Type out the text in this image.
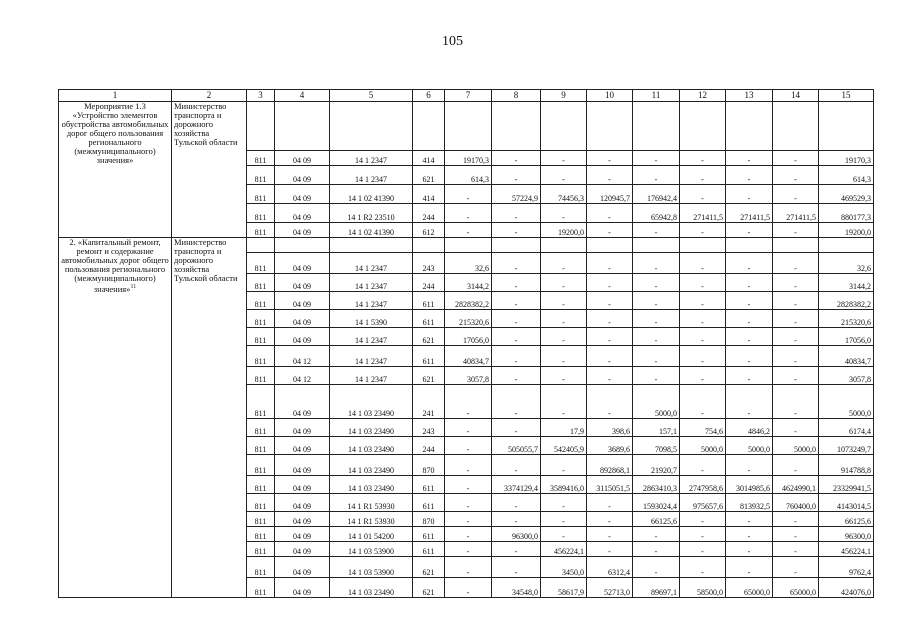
105
1	2	3	4	5	6	7	8	9	10	11	12	13	14	15
Мероприятие 1.3 «Устройство элементов обустройства автомобильных дорог общего пользования регионального (межмуниципального) значения»	Министерство транспорта и дорожного хозяйства Тульской области													
		811	04 09	14 1 2347	414	19170,3	-	-	-	-	-	-	-	19170,3
		811	04 09	14 1 2347	621	614,3	-	-	-	-	-	-	-	614,3
		811	04 09	14 1 02 41390	414	-	57224,9	74456,3	120945,7	176942,4	-	-	-	469529,3
		811	04 09	14 1 R2 23510	244	-	-	-	-	65942,8	271411,5	271411,5	271411,5	880177,3
		811	04 09	14 1 02 41390	612	-	-	19200,0	-	-	-	-	-	19200,0
2. «Капитальный ремонт, ремонт и содержание автомобильных дорог общего пользования регионального (межмуниципального) значения»$^{11}$	Министерство транспорта и дорожного хозяйства Тульской области													
		811	04 09	14 1 2347	243	32,6	-	-	-	-	-	-	-	32,6
		811	04 09	14 1 2347	244	3144,2	-	-	-	-	-	-	-	3144,2
		811	04 09	14 1 2347	611	2828382,2	-	-	-	-	-	-	-	2828382,2
		811	04 09	14 1 5390	611	215320,6	-	-	-	-	-	-	-	215320,6
		811	04 09	14 1 2347	621	17056,0	-	-	-	-	-	-	-	17056,0
		811	04 12	14 1 2347	611	40834,7	-	-	-	-	-	-	-	40834,7
		811	04 12	14 1 2347	621	3057,8	-	-	-	-	-	-	-	3057,8
		811	04 09	14 1 03 23490	241	-	-	-	-	5000,0	-	-	-	5000,0
		811	04 09	14 1 03 23490	243	-	-	17,9	398,6	157,1	754,6	4846,2	-	6174,4
		811	04 09	14 1 03 23490	244	-	505055,7	542405,9	3689,6	7098,5	5000,0	5000,0	5000,0	1073249,7
		811	04 09	14 1 03 23490	870	-	-	-	892868,1	21920,7	-	-	-	914788,8
		811	04 09	14 1 03 23490	611	-	3374129,4	3589416,0	3115051,5	2863410,3	2747958,6	3014985,6	4624990,1	23329941,5
		811	04 09	14 1 R1 53930	611	-	-	-	-	1593024,4	975657,6	813932,5	760400,0	4143014,5
		811	04 09	14 1 R1 53930	870	-	-	-	-	66125,6	-	-	-	66125,6
		811	04 09	14 1 01 54200	611	-	96300,0	-	-	-	-	-	-	96300,0
		811	04 09	14 1 03 53900	611	-	-	456224,1	-	-	-	-	-	456224,1
		811	04 09	14 1 03 53900	621	-	-	3450,0	6312,4	-	-	-	-	9762,4
		811	04 09	14 1 03 23490	621	-	34548,0	58617,9	52713,0	89697,1	58500,0	65000,0	65000,0	424076,0
